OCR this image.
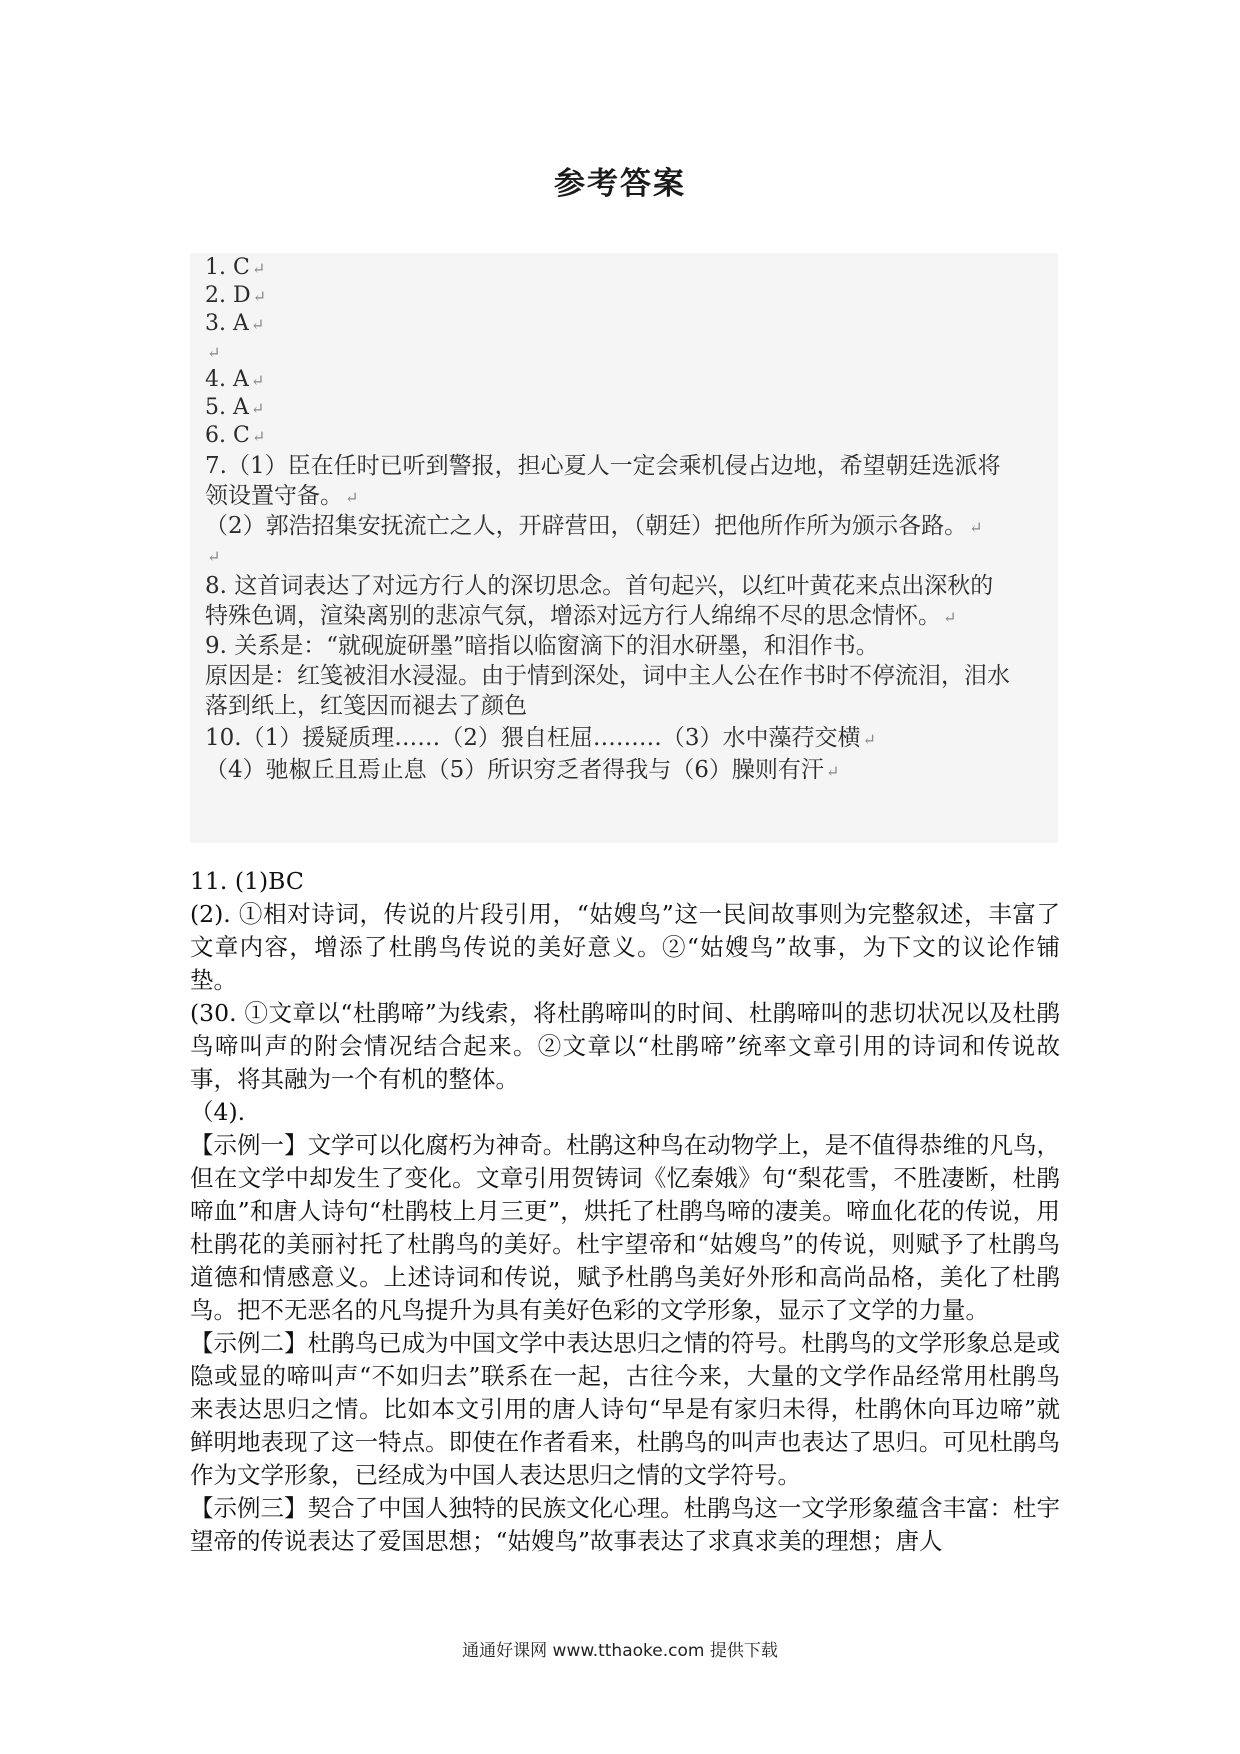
参考答案
1. C ↵
2. D ↵
3. A ↵
↵
4. A ↵
5. A ↵
6. C ↵
7.（1）臣在任时已听到警报，担心夏人一定会乘机侵占边地，希望朝廷选派将
领设置守备。 ↵
（2）郭浩招集安抚流亡之人，开辟营田，（朝廷）把他所作所为颁示各路。 ↵
↵
8. 这首词表达了对远方行人的深切思念。首句起兴，以红叶黄花来点出深秋的
特殊色调，渲染离别的悲凉气氛，增添对远方行人绵绵不尽的思念情怀。 ↵
9. 关系是：“就砚旋研墨”暗指以临窗滴下的泪水研墨，和泪作书。
原因是：红笺被泪水浸湿。由于情到深处，词中主人公在作书时不停流泪，泪水
落到纸上，红笺因而褪去了颜色
10.（1）援疑质理……（2）猥自枉屈………（3）水中藻荇交横 ↵
（4）驰椒丘且焉止息（5）所识穷乏者得我与（6）臊则有汗 ↵

11. (1)BC

(2). ①相对诗词，传说的片段引用，“姑嫂鸟”这一民间故事则为完整叙述，丰富了文章内容，增添了杜鹃鸟传说的美好意义。②“姑嫂鸟”故事，为下文的议论作铺垫。

(30. ①文章以“杜鹃啼”为线索，将杜鹃啼叫的时间、杜鹃啼叫的悲切状况以及杜鹃鸟啼叫声的附会情况结合起来。②文章以“杜鹃啼”统率文章引用的诗词和传说故事，将其融为一个有机的整体。

（4).

【示例一】文学可以化腐朽为神奇。杜鹃这种鸟在动物学上，是不值得恭维的凡鸟，但在文学中却发生了变化。文章引用贺铸词《忆秦娥》句“梨花雪，不胜凄断，杜鹃啼血”和唐人诗句“杜鹃枝上月三更”，烘托了杜鹃鸟啼的凄美。啼血化花的传说，用杜鹃花的美丽衬托了杜鹃鸟的美好。杜宇望帝和“姑嫂鸟”的传说，则赋予了杜鹃鸟道德和情感意义。上述诗词和传说，赋予杜鹃鸟美好外形和高尚品格，美化了杜鹃鸟。把不无恶名的凡鸟提升为具有美好色彩的文学形象，显示了文学的力量。

【示例二】杜鹃鸟已成为中国文学中表达思归之情的符号。杜鹃鸟的文学形象总是或隐或显的啼叫声“不如归去”联系在一起，古往今来，大量的文学作品经常用杜鹃鸟来表达思归之情。比如本文引用的唐人诗句“早是有家归未得，杜鹃休向耳边啼”就鲜明地表现了这一特点。即使在作者看来，杜鹃鸟的叫声也表达了思归。可见杜鹃鸟作为文学形象，已经成为中国人表达思归之情的文学符号。

【示例三】契合了中国人独特的民族文化心理。杜鹃鸟这一文学形象蕴含丰富：杜宇望帝的传说表达了爱国思想；“姑嫂鸟”故事表达了求真求美的理想；唐人

通通好课网 www.tthaoke.com 提供下载
